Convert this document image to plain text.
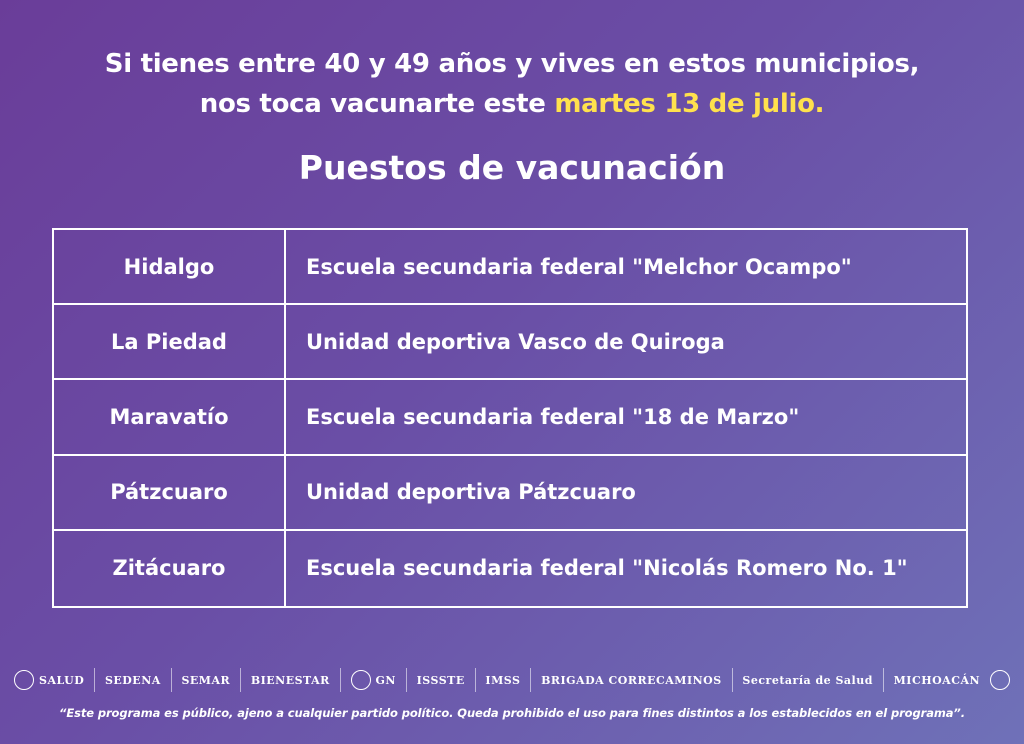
Si tienes entre 40 y 49 años y vives en estos municipios,
nos toca vacunarte este martes 13 de julio.
Puestos de vacunación
Hidalgo	Escuela secundaria federal "Melchor Ocampo"
La Piedad	Unidad deportiva Vasco de Quiroga
Maravatío	Escuela secundaria federal "18 de Marzo"
Pátzcuaro	Unidad deportiva Pátzcuaro
Zitácuaro	Escuela secundaria federal "Nicolás Romero No. 1"
SALUD SEDENA SEMAR BIENESTAR	GN ISSSTE IMSS BRIGADA CORRECAMINOS Secretaría de Salud MICHOACÁN
“Este programa es público, ajeno a cualquier partido político. Queda prohibido el uso para fines distintos a los establecidos en el programa”.
